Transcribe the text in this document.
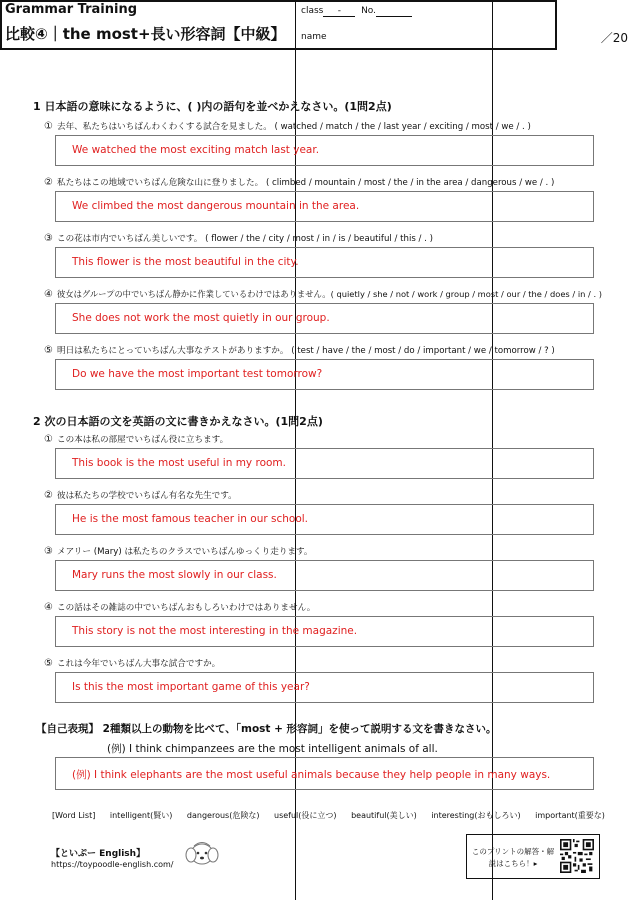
Grammar Training
比較④｜the most+長い形容詞【中級】
class - No.
name	／20
1 日本語の意味になるように、( )内の語句を並べかえなさい。(1問2点)
① 去年、私たちはいちばんわくわくする試合を見ました。 ( watched / match / the / last year / exciting / most / we / . )
We watched the most exciting match last year.
② 私たちはこの地域でいちばん危険な山に登りました。 ( climbed / mountain / most / the / in the area / dangerous / we / . )
We climbed the most dangerous mountain in the area.
③ この花は市内でいちばん美しいです。 ( flower / the / city / most / in / is / beautiful / this / . )
This flower is the most beautiful in the city.
④ 彼女はグループの中でいちばん静かに作業しているわけではありません。( quietly / she / not / work / group / most / our / the / does / in / . )
She does not work the most quietly in our group.
⑤ 明日は私たちにとっていちばん大事なテストがありますか。 ( test / have / the / most / do / important / we / tomorrow / ? )
Do we have the most important test tomorrow?
2 次の日本語の文を英語の文に書きかえなさい。(1問2点)
① この本は私の部屋でいちばん役に立ちます。
This book is the most useful in my room.
② 彼は私たちの学校でいちばん有名な先生です。
He is the most famous teacher in our school.
③ メアリー (Mary) は私たちのクラスでいちばんゆっくり走ります。
Mary runs the most slowly in our class.
④ この話はその雑誌の中でいちばんおもしろいわけではありません。
This story is not the most interesting in the magazine.
⑤ これは今年でいちばん大事な試合ですか。
Is this the most important game of this year?
【自己表現】 2種類以上の動物を比べて、「most + 形容詞」を使って説明する文を書きなさい。
(例) I think chimpanzees are the most intelligent animals of all.
(例) I think elephants are the most useful animals because they help people in many ways.
[Word List] intelligent(賢い) dangerous(危険な) useful(役に立つ) beautiful(美しい) interesting(おもしろい) important(重要な)
【といぷー English】
https://toypoodle-english.com/
このプリントの解答・解説はこちら！▸
